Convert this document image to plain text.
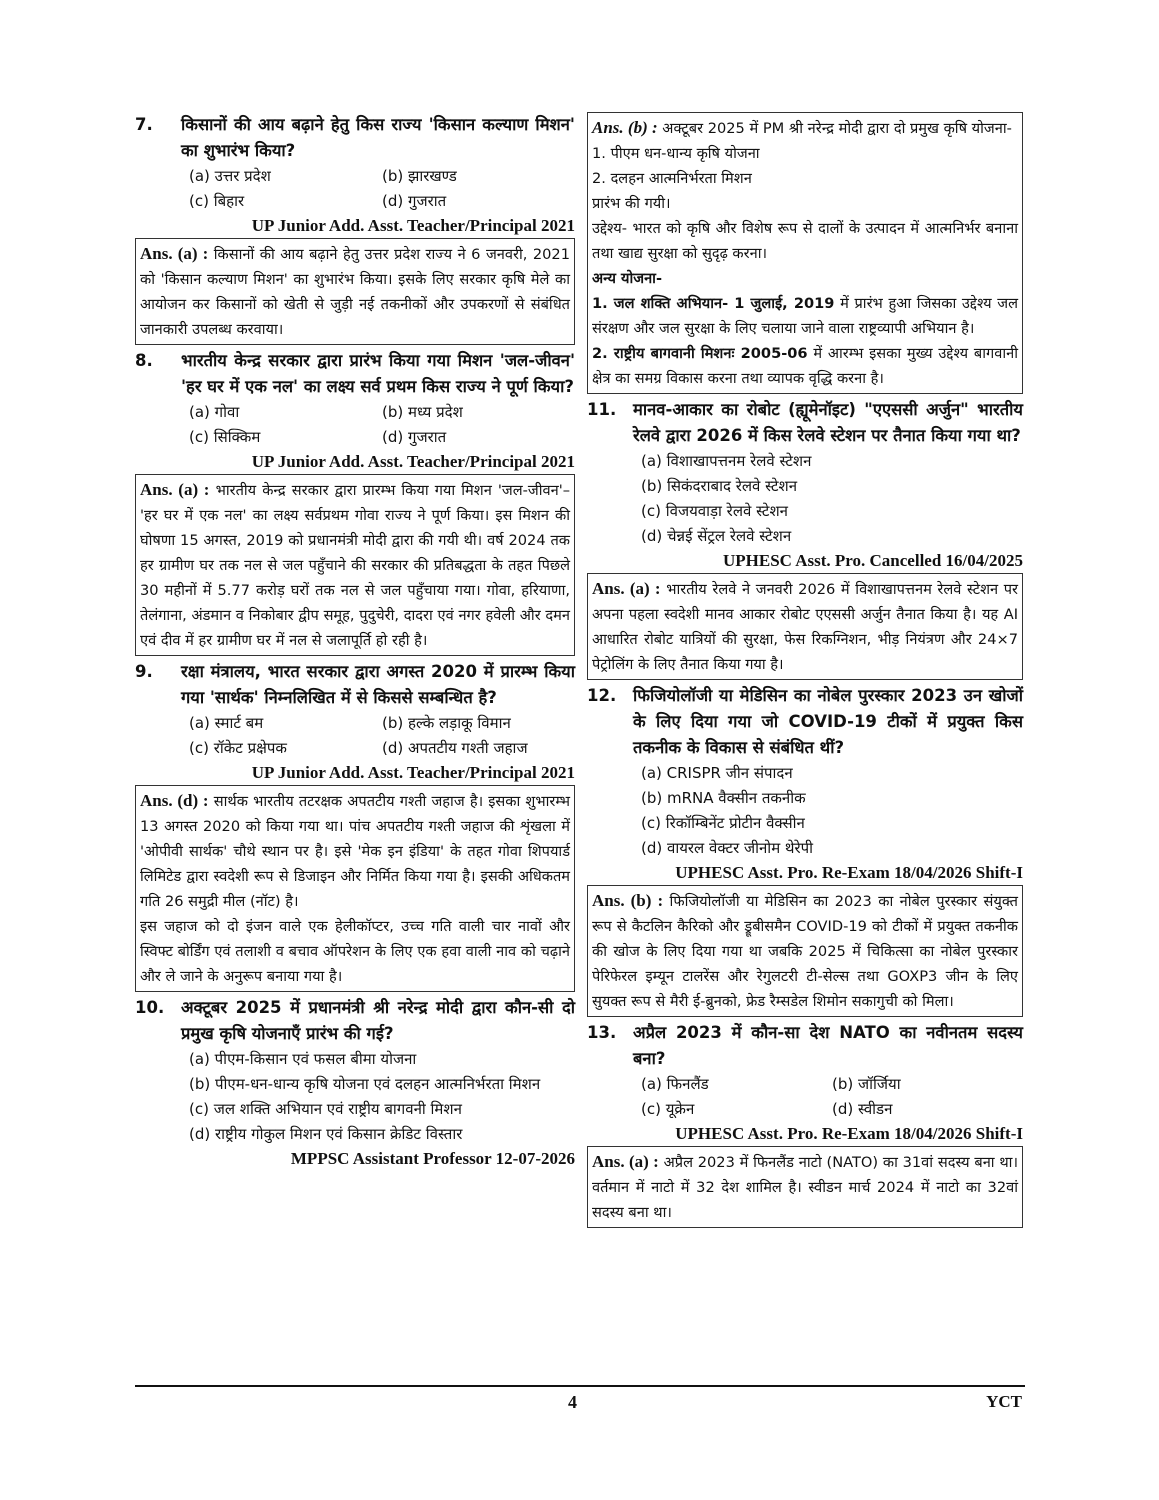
7.	किसानों की आय बढ़ाने हेतु किस राज्य 'किसान कल्याण मिशन' का शुभारंभ किया?
(a) उत्तर प्रदेश	(b) झारखण्ड
(c) बिहार	(d) गुजरात
UP Junior Add. Asst. Teacher/Principal 2021
Ans. (a) : किसानों की आय बढ़ाने हेतु उत्तर प्रदेश राज्य ने 6 जनवरी, 2021 को 'किसान कल्याण मिशन' का शुभारंभ किया। इसके लिए सरकार कृषि मेले का आयोजन कर किसानों को खेती से जुड़ी नई तकनीकों और उपकरणों से संबंधित जानकारी उपलब्ध करवाया।
8.	भारतीय केन्द्र सरकार द्वारा प्रारंभ किया गया मिशन 'जल-जीवन' 'हर घर में एक नल' का लक्ष्य सर्व प्रथम किस राज्य ने पूर्ण किया?
(a) गोवा	(b) मध्य प्रदेश
(c) सिक्किम	(d) गुजरात
UP Junior Add. Asst. Teacher/Principal 2021
Ans. (a) : भारतीय केन्द्र सरकार द्वारा प्रारम्भ किया गया मिशन 'जल-जीवन'– 'हर घर में एक नल' का लक्ष्य सर्वप्रथम गोवा राज्य ने पूर्ण किया। इस मिशन की घोषणा 15 अगस्त, 2019 को प्रधानमंत्री मोदी द्वारा की गयी थी। वर्ष 2024 तक हर ग्रामीण घर तक नल से जल पहुँचाने की सरकार की प्रतिबद्धता के तहत पिछले 30 महीनों में 5.77 करोड़ घरों तक नल से जल पहुँचाया गया। गोवा, हरियाणा, तेलंगाना, अंडमान व निकोबार द्वीप समूह, पुदुचेरी, दादरा एवं नगर हवेली और दमन एवं दीव में हर ग्रामीण घर में नल से जलापूर्ति हो रही है।
9.	रक्षा मंत्रालय, भारत सरकार द्वारा अगस्त 2020 में प्रारम्भ किया गया 'सार्थक' निम्नलिखित में से किससे सम्बन्धित है?
(a) स्मार्ट बम	(b) हल्के लड़ाकू विमान
(c) रॉकेट प्रक्षेपक	(d) अपतटीय गश्ती जहाज
UP Junior Add. Asst. Teacher/Principal 2021

Ans. (d) : सार्थक भारतीय तटरक्षक अपतटीय गश्ती जहाज है। इसका शुभारम्भ 13 अगस्त 2020 को किया गया था। पांच अपतटीय गश्ती जहाज की शृंखला में 'ओपीवी सार्थक' चौथे स्थान पर है। इसे 'मेक इन इंडिया' के तहत गोवा शिपयार्ड लिमिटेड द्वारा स्वदेशी रूप से डिजाइन और निर्मित किया गया है। इसकी अधिकतम गति 26 समुद्री मील (नॉट) है।

इस जहाज को दो इंजन वाले एक हेलीकॉप्टर, उच्च गति वाली चार नावों और स्विफ्ट बोर्डिंग एवं तलाशी व बचाव ऑपरेशन के लिए एक हवा वाली नाव को चढ़ाने और ले जाने के अनुरूप बनाया गया है।

10.	अक्टूबर 2025 में प्रधानमंत्री श्री नरेन्द्र मोदी द्वारा कौन-सी दो प्रमुख कृषि योजनाएँ प्रारंभ की गई?
(a) पीएम-किसान एवं फसल बीमा योजना
(b) पीएम-धन-धान्य कृषि योजना एवं दलहन आत्मनिर्भरता मिशन
(c) जल शक्ति अभियान एवं राष्ट्रीय बागवनी मिशन
(d) राष्ट्रीय गोकुल मिशन एवं किसान क्रेडिट विस्तार
MPPSC Assistant Professor 12-07-2026

Ans. (b) : अक्टूबर 2025 में PM श्री नरेन्द्र मोदी द्वारा दो प्रमुख कृषि योजना-

1. पीएम धन-धान्य कृषि योजना

2. दलहन आत्मनिर्भरता मिशन

प्रारंभ की गयी।

उद्देश्य- भारत को कृषि और विशेष रूप से दालों के उत्पादन में आत्मनिर्भर बनाना तथा खाद्य सुरक्षा को सुदृढ़ करना।

अन्य योजना-

1. जल शक्ति अभियान- 1 जुलाई, 2019 में प्रारंभ हुआ जिसका उद्देश्य जल संरक्षण और जल सुरक्षा के लिए चलाया जाने वाला राष्ट्रव्यापी अभियान है।

2. राष्ट्रीय बागवानी मिशनः 2005-06 में आरम्भ इसका मुख्य उद्देश्य बागवानी क्षेत्र का समग्र विकास करना तथा व्यापक वृद्धि करना है।

11.	मानव-आकार का रोबोट (ह्यूमेनॉइट) "एएससी अर्जुन" भारतीय रेलवे द्वारा 2026 में किस रेलवे स्टेशन पर तैनात किया गया था?
(a) विशाखापत्तनम रेलवे स्टेशन
(b) सिकंदराबाद रेलवे स्टेशन
(c) विजयवाड़ा रेलवे स्टेशन
(d) चेन्नई सेंट्रल रेलवे स्टेशन
UPHESC Asst. Pro. Cancelled 16/04/2025
Ans. (a) : भारतीय रेलवे ने जनवरी 2026 में विशाखापत्तनम रेलवे स्टेशन पर अपना पहला स्वदेशी मानव आकार रोबोट एएससी अर्जुन तैनात किया है। यह AI आधारित रोबोट यात्रियों की सुरक्षा, फेस रिकग्निशन, भीड़ नियंत्रण और 24×7 पेट्रोलिंग के लिए तैनात किया गया है।
12.	फिजियोलॉजी या मेडिसिन का नोबेल पुरस्कार 2023 उन खोजों के लिए दिया गया जो COVID-19 टीकों में प्रयुक्त किस तकनीक के विकास से संबंधित थीं?
(a) CRISPR जीन संपादन
(b) mRNA वैक्सीन तकनीक
(c) रिकॉम्बिनेंट प्रोटीन वैक्सीन
(d) वायरल वेक्टर जीनोम थेरेपी
UPHESC Asst. Pro. Re-Exam 18/04/2026 Shift-I
Ans. (b) : फिजियोलॉजी या मेडिसिन का 2023 का नोबेल पुरस्कार संयुक्त रूप से कैटलिन कैरिको और ड्रूबीसमैन COVID-19 को टीकों में प्रयुक्त तकनीक की खोज के लिए दिया गया था जबकि 2025 में चिकित्सा का नोबेल पुरस्कार पेरिफेरल इम्यून टालरेंस और रेगुलटरी टी-सेल्स तथा GOXP3 जीन के लिए सुयक्त रूप से मैरी ई-ब्रुनको, फ्रेड रैम्सडेल शिमोन सकागुची को मिला।
13.	अप्रैल 2023 में कौन-सा देश NATO का नवीनतम सदस्य बना?
(a) फिनलैंड	(b) जॉर्जिया
(c) यूक्रेन	(d) स्वीडन
UPHESC Asst. Pro. Re-Exam 18/04/2026 Shift-I
Ans. (a) : अप्रैल 2023 में फिनलैंड नाटो (NATO) का 31वां सदस्य बना था। वर्तमान में नाटो में 32 देश शामिल है। स्वीडन मार्च 2024 में नाटो का 32वां सदस्य बना था।
4	YCT
